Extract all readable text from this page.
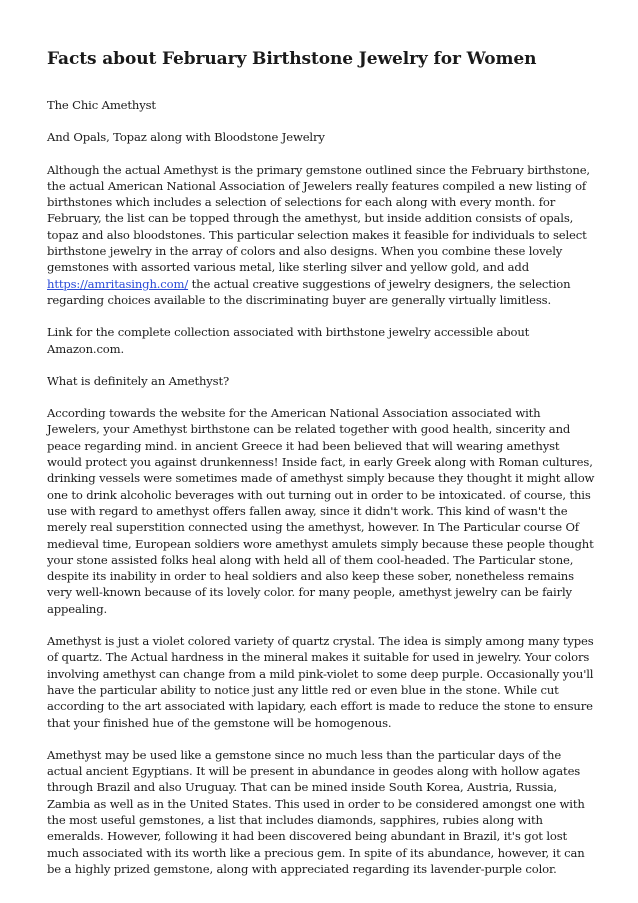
Facts about February Birthstone Jewelry for Women

The Chic Amethyst

And Opals, Topaz along with Bloodstone Jewelry

Although the actual Amethyst is the primary gemstone outlined since the February birthstone, the actual American National Association of Jewelers really features compiled a new listing of birthstones which includes a selection of selections for each along with every month. for February, the list can be topped through the amethyst, but inside addition consists of opals, topaz and also bloodstones. This particular selection makes it feasible for individuals to select birthstone jewelry in the array of colors and also designs. When you combine these lovely gemstones with assorted various metal, like sterling silver and yellow gold, and add https://amritasingh.com/ the actual creative suggestions of jewelry designers, the selection regarding choices available to the discriminating buyer are generally virtually limitless.

Link for the complete collection associated with birthstone jewelry accessible about Amazon.com.

What is definitely an Amethyst?

According towards the website for the American National Association associated with Jewelers, your Amethyst birthstone can be related together with good health, sincerity and peace regarding mind. in ancient Greece it had been believed that will wearing amethyst would protect you against drunkenness! Inside fact, in early Greek along with Roman cultures, drinking vessels were sometimes made of amethyst simply because they thought it might allow one to drink alcoholic beverages with out turning out in order to be intoxicated. of course, this use with regard to amethyst offers fallen away, since it didn't work. This kind of wasn't the merely real superstition connected using the amethyst, however. In The Particular course Of medieval time, European soldiers wore amethyst amulets simply because these people thought your stone assisted folks heal along with held all of them cool-headed. The Particular stone, despite its inability in order to heal soldiers and also keep these sober, nonetheless remains very well-known because of its lovely color. for many people, amethyst jewelry can be fairly appealing.

Amethyst is just a violet colored variety of quartz crystal. The idea is simply among many types of quartz. The Actual hardness in the mineral makes it suitable for used in jewelry. Your colors involving amethyst can change from a mild pink-violet to some deep purple. Occasionally you'll have the particular ability to notice just any little red or even blue in the stone. While cut according to the art associated with lapidary, each effort is made to reduce the stone to ensure that your finished hue of the gemstone will be homogenous.

Amethyst may be used like a gemstone since no much less than the particular days of the actual ancient Egyptians. It will be present in abundance in geodes along with hollow agates through Brazil and also Uruguay. That can be mined inside South Korea, Austria, Russia, Zambia as well as in the United States. This used in order to be considered amongst one with the most useful gemstones, a list that includes diamonds, sapphires, rubies along with emeralds. However, following it had been discovered being abundant in Brazil, it's got lost much associated with its worth like a precious gem. In spite of its abundance, however, it can be a highly prized gemstone, along with appreciated regarding its lavender-purple color.
